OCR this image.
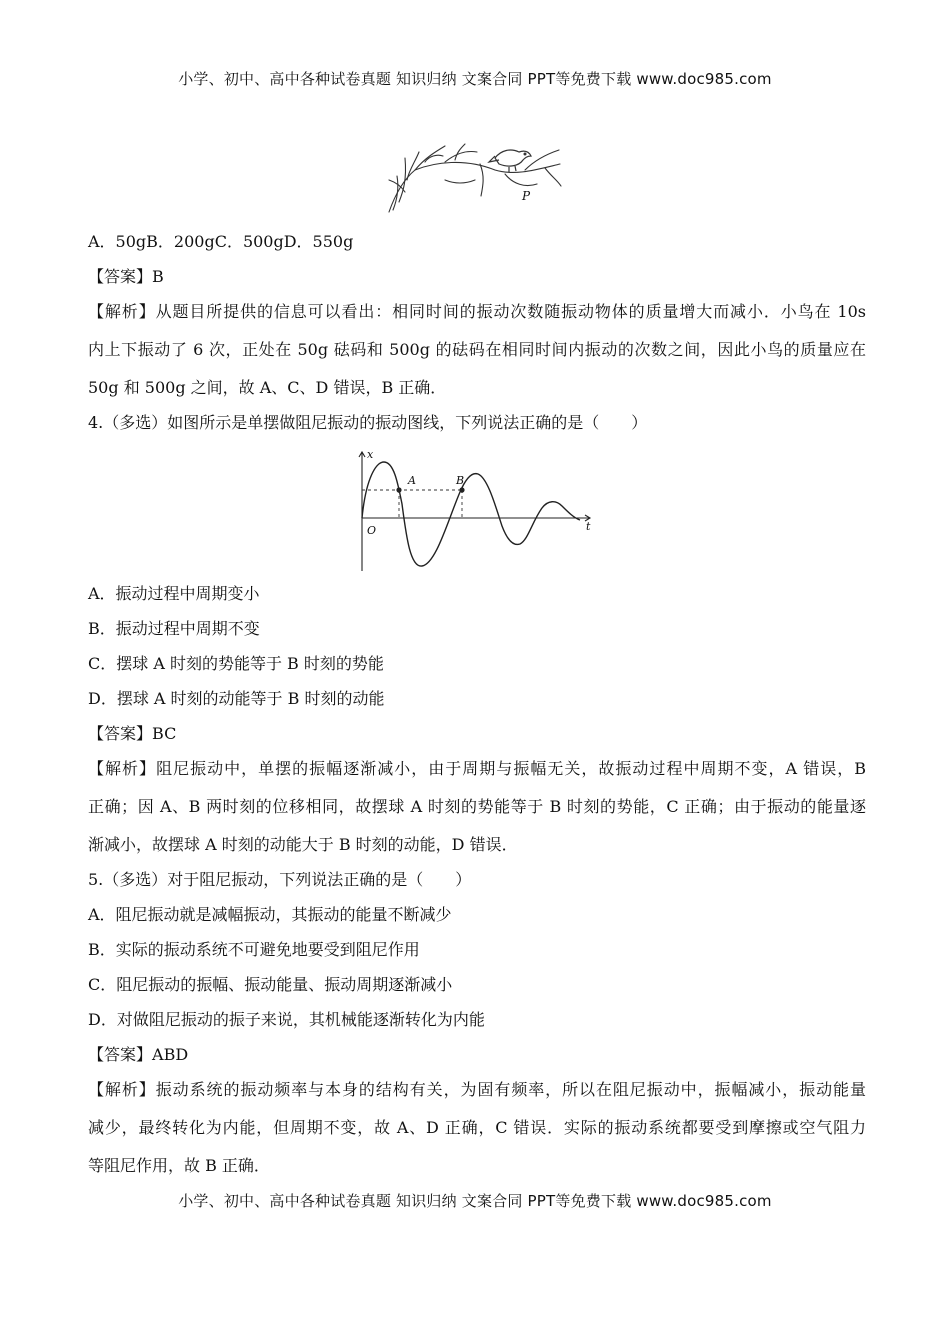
小学、初中、高中各种试卷真题 知识归纳 文案合同 PPT等免费下载 www.doc985.com
P
A．50gB．200gC．500gD．550g
【答案】B
【解析】从题目所提供的信息可以看出：相同时间的振动次数随振动物体的质量增大而减小．小鸟在 10s
内上下振动了 6 次，正处在 50g 砝码和 500g 的砝码在相同时间内振动的次数之间，因此小鸟的质量应在
50g 和 500g 之间，故 A、C、D 错误，B 正确．
4.（多选）如图所示是单摆做阻尼振动的振动图线，下列说法正确的是（　　）
A．振动过程中周期变小
B．振动过程中周期不变
C．摆球 A 时刻的势能等于 B 时刻的势能
D．摆球 A 时刻的动能等于 B 时刻的动能
【答案】BC
【解析】阻尼振动中，单摆的振幅逐渐减小，由于周期与振幅无关，故振动过程中周期不变，A 错误，B
正确；因 A、B 两时刻的位移相同，故摆球 A 时刻的势能等于 B 时刻的势能，C 正确；由于振动的能量逐
渐减小，故摆球 A 时刻的动能大于 B 时刻的动能，D 错误．
5.（多选）对于阻尼振动，下列说法正确的是（　　）
A．阻尼振动就是减幅振动，其振动的能量不断减少
B．实际的振动系统不可避免地要受到阻尼作用
C．阻尼振动的振幅、振动能量、振动周期逐渐减小
D．对做阻尼振动的振子来说，其机械能逐渐转化为内能
【答案】ABD
【解析】振动系统的振动频率与本身的结构有关，为固有频率，所以在阻尼振动中，振幅减小，振动能量
减少，最终转化为内能，但周期不变，故 A、D 正确，C 错误．实际的振动系统都要受到摩擦或空气阻力
等阻尼作用，故 B 正确．
x
t
O
A	B
小学、初中、高中各种试卷真题 知识归纳 文案合同 PPT等免费下载 www.doc985.com
